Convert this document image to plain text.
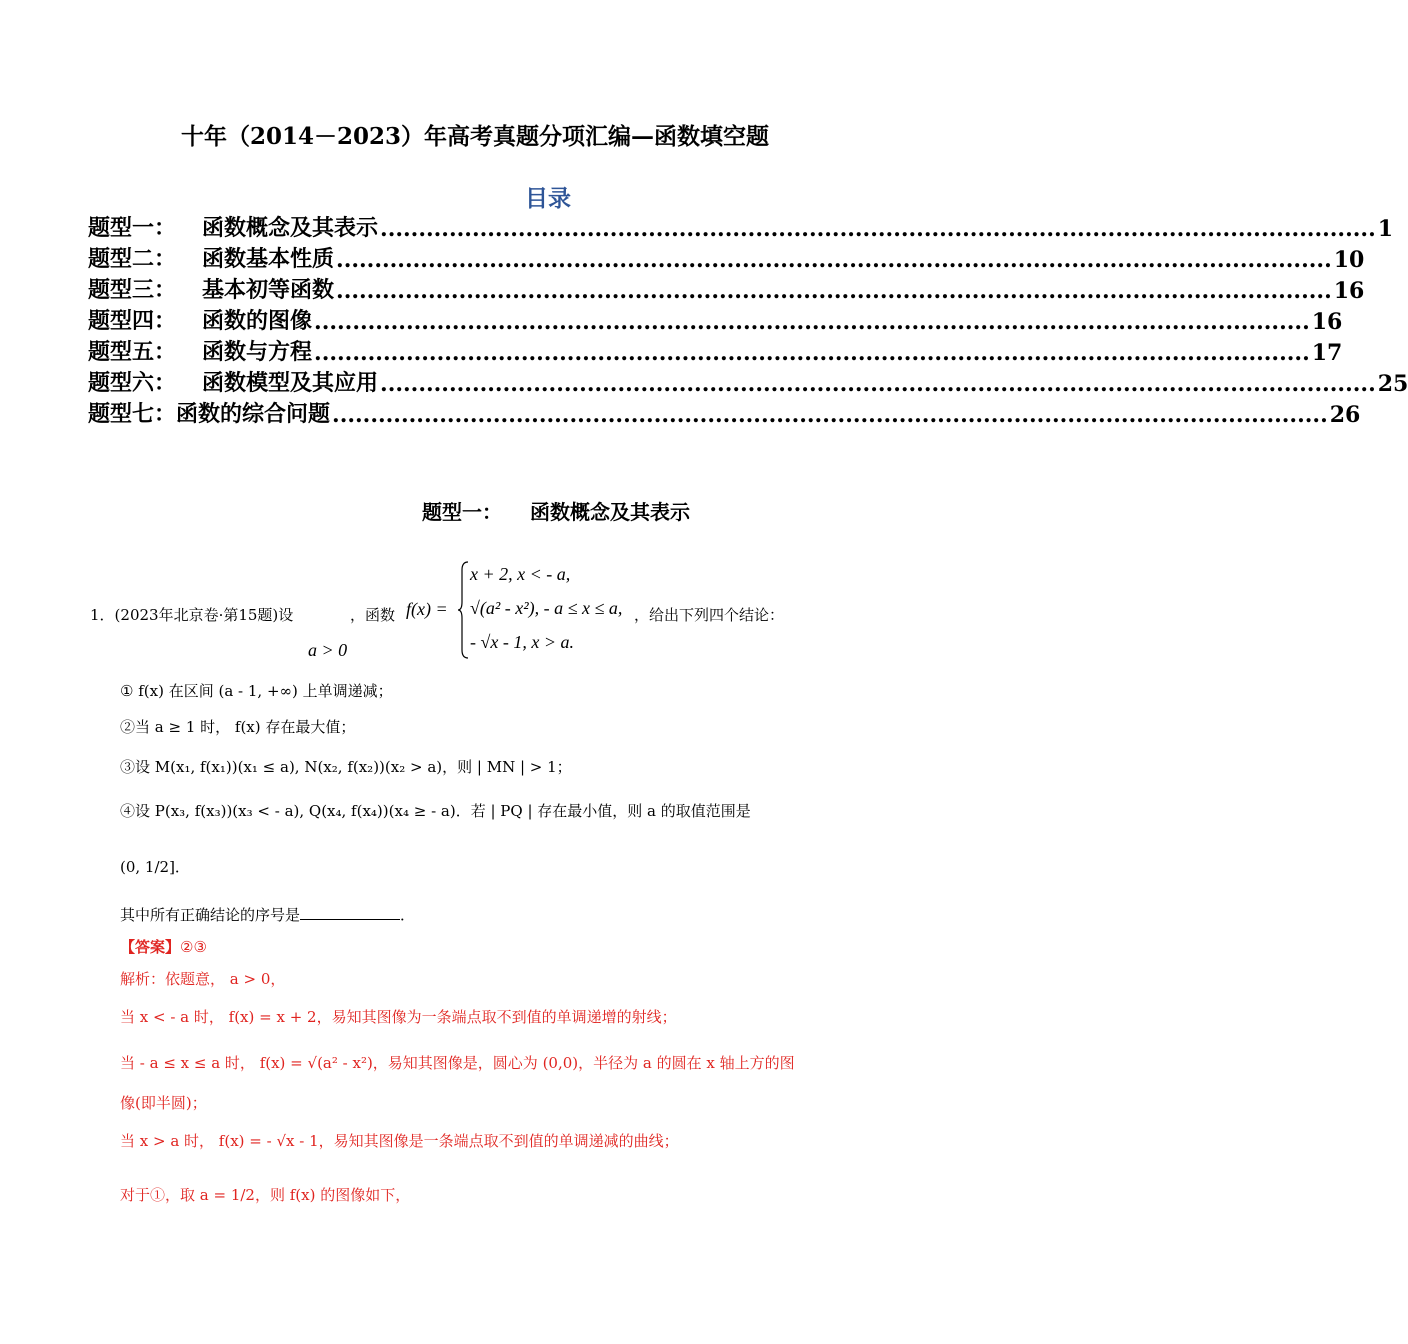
十年（2014－2023）年高考真题分项汇编—函数填空题
目录
题型一： 函数概念及其表示 .................................................................................................................................. 1
题型二： 函数基本性质 .................................................................................................................................. 10
题型三： 基本初等函数 .................................................................................................................................. 16
题型四： 函数的图像 .................................................................................................................................. 16
题型五： 函数与方程 .................................................................................................................................. 17
题型六： 函数模型及其应用 .................................................................................................................................. 25
题型七：函数的综合问题 .................................................................................................................................. 26
题型一： 函数概念及其表示
1．(2023年北京卷·第15题)设	，函数
a > 0
f(x) =
x + 2, x < - a,
√(a² - x²), - a ≤ x ≤ a,
- √x - 1, x > a.
，给出下列四个结论：
① f(x) 在区间 (a - 1, +∞) 上单调递减；
②当 a ≥ 1 时， f(x) 存在最大值；
③设 M(x₁, f(x₁))(x₁ ≤ a), N(x₂, f(x₂))(x₂ > a)，则 | MN | > 1；
④设 P(x₃, f(x₃))(x₃ < - a), Q(x₄, f(x₄))(x₄ ≥ - a)．若 | PQ | 存在最小值，则 a 的取值范围是
(0, 1/2]．
其中所有正确结论的序号是	．
【答案】②③
解析：依题意， a > 0，
当 x < - a 时， f(x) = x + 2，易知其图像为一条端点取不到值的单调递增的射线；
当 - a ≤ x ≤ a 时， f(x) = √(a² - x²)，易知其图像是，圆心为 (0,0)，半径为 a 的圆在 x 轴上方的图
像(即半圆)；
当 x > a 时， f(x) = - √x - 1，易知其图像是一条端点取不到值的单调递减的曲线；
对于①，取 a = 1/2，则 f(x) 的图像如下，
